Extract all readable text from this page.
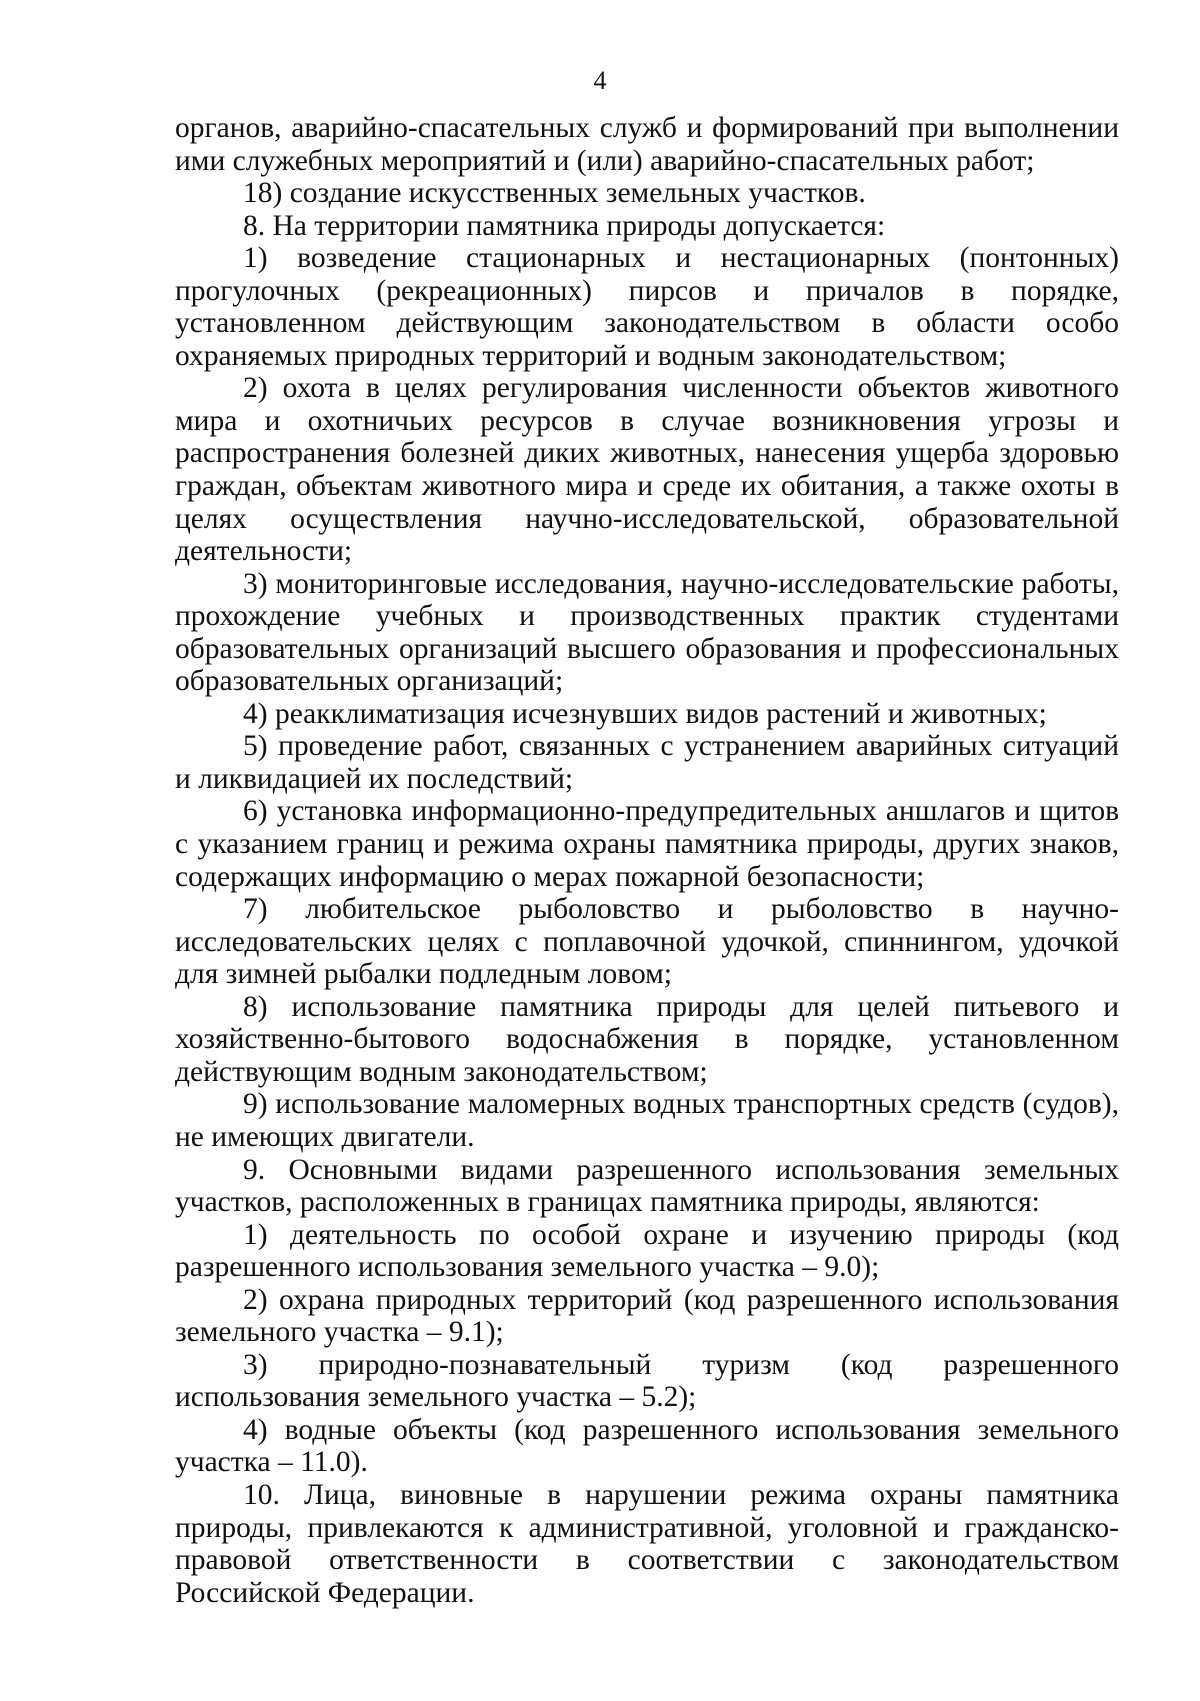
4

органов, аварийно-спасательных служб и формирований при выполнении ими служебных мероприятий и (или) аварийно-спасательных работ;

18) создание искусственных земельных участков.

8. На территории памятника природы допускается:

1) возведение стационарных и нестационарных (понтонных) прогулочных (рекреационных) пирсов и причалов в порядке, установленном действующим законодательством в области особо охраняемых природных территорий и водным законодательством;

2) охота в целях регулирования численности объектов животного мира и охотничьих ресурсов в случае возникновения угрозы и распространения болезней диких животных, нанесения ущерба здоровью граждан, объектам животного мира и среде их обитания, а также охоты в целях осуществления научно-исследовательской, образовательной деятельности;

3) мониторинговые исследования, научно-исследовательские работы, прохождение учебных и производственных практик студентами образовательных организаций высшего образования и профессиональных образовательных организаций;

4) реакклиматизация исчезнувших видов растений и животных;

5) проведение работ, связанных с устранением аварийных ситуаций и ликвидацией их последствий;

6) установка информационно-предупредительных аншлагов и щитов с указанием границ и режима охраны памятника природы, других знаков, содержащих информацию о мерах пожарной безопасности;

7) любительское рыболовство и рыболовство в научно-исследовательских целях с поплавочной удочкой, спиннингом, удочкой для зимней рыбалки подледным ловом;

8) использование памятника природы для целей питьевого и хозяйственно-бытового водоснабжения в порядке, установленном действующим водным законодательством;

9) использование маломерных водных транспортных средств (судов), не имеющих двигатели.

9. Основными видами разрешенного использования земельных участков, расположенных в границах памятника природы, являются:

1) деятельность по особой охране и изучению природы (код разрешенного использования земельного участка – 9.0);

2) охрана природных территорий (код разрешенного использования земельного участка – 9.1);

3) природно-познавательный туризм (код разрешенного использования земельного участка – 5.2);

4) водные объекты (код разрешенного использования земельного участка – 11.0).

10. Лица, виновные в нарушении режима охраны памятника природы, привлекаются к административной, уголовной и гражданско-правовой ответственности в соответствии с законодательством Российской Федерации.
